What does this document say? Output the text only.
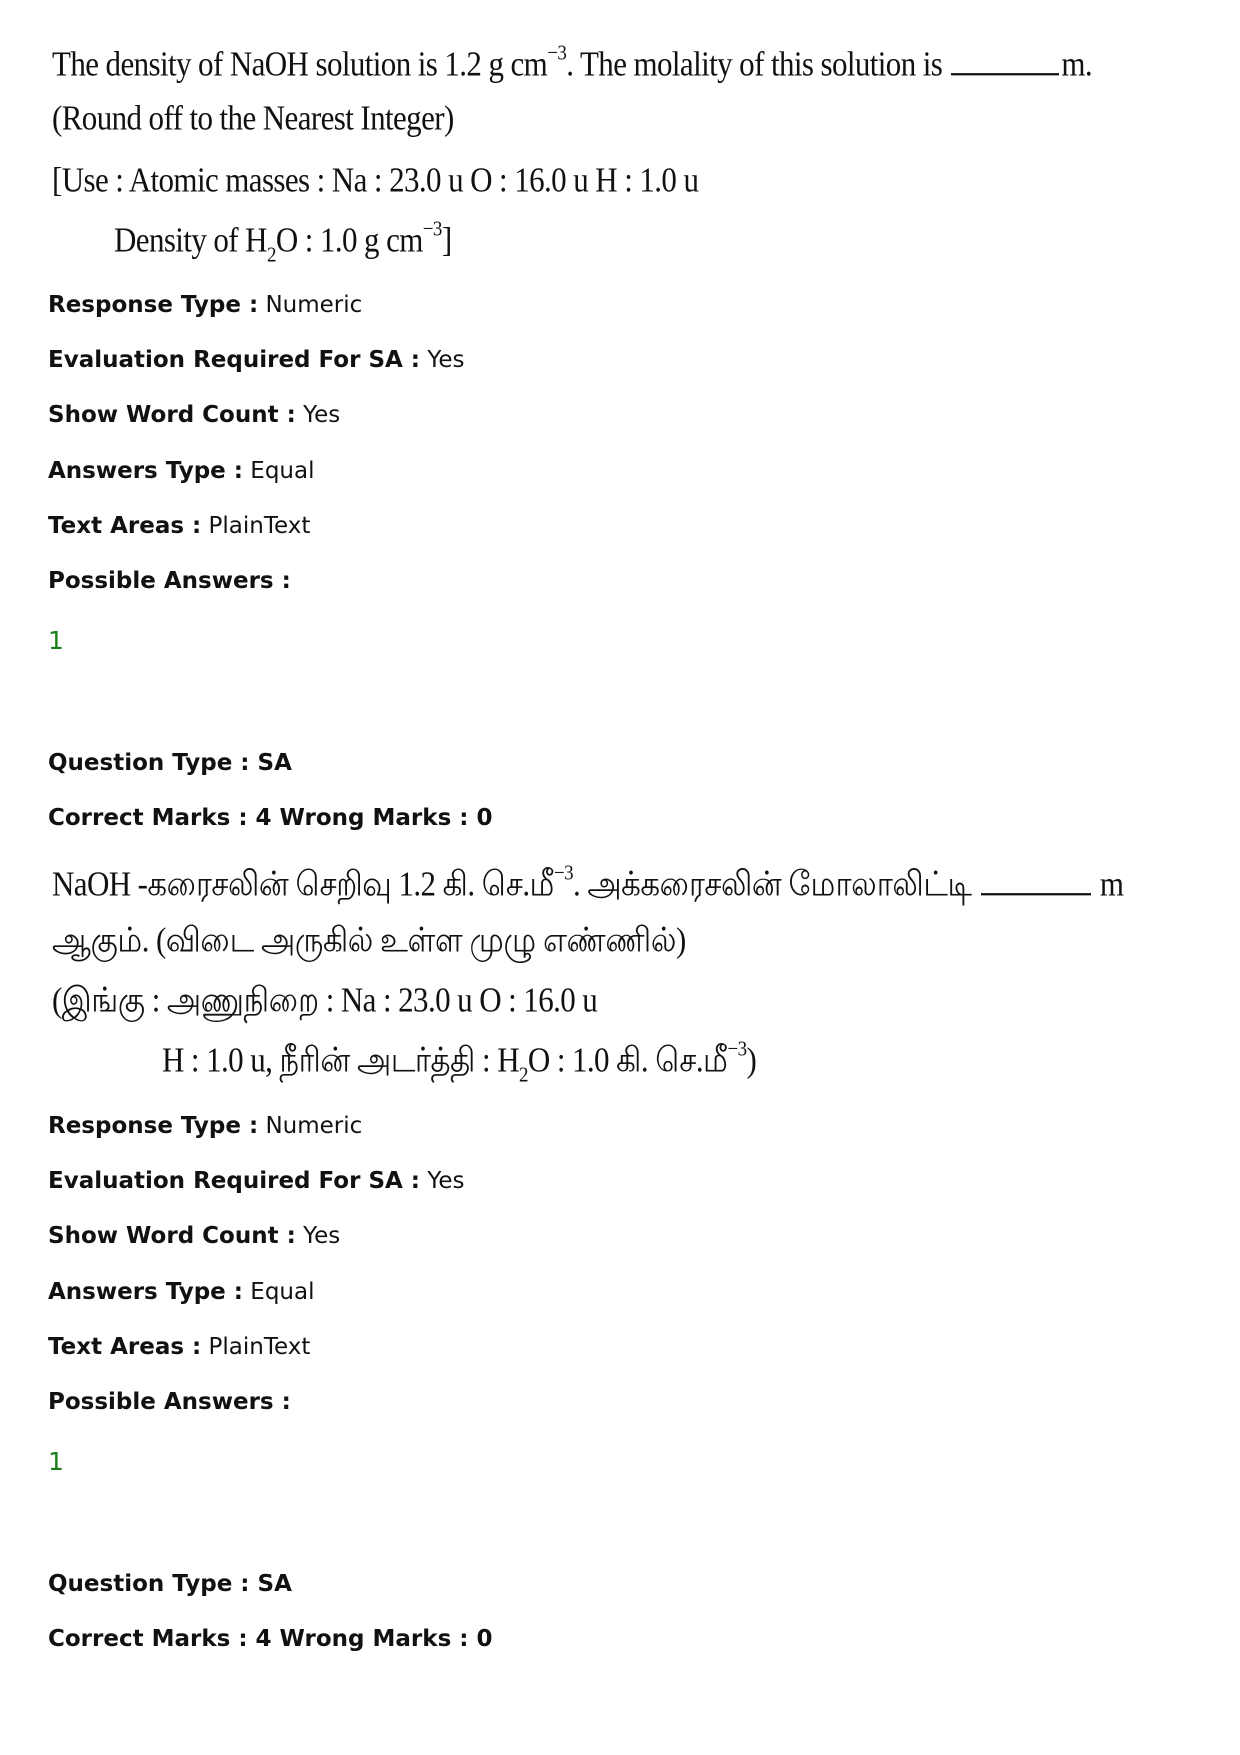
The density of NaOH solution is 1.2 g $cm^{-3}$. The molality of this solution is	m.
(Round off to the Nearest Integer)
[Use : Atomic masses : Na : 23.0 u O : 16.0 u H : 1.0 u
Density of $H_2O$ : 1.0 g $cm^{-3}$]
Response Type : Numeric
Evaluation Required For SA : Yes
Show Word Count : Yes
Answers Type : Equal
Text Areas : PlainText
Possible Answers :
1
Question Type : SA
Correct Marks : 4 Wrong Marks : 0
NaOH -கரைசலின் செறிவு 1.2 கி. செ.மீ$^{-3}$. அக்கரைசலின் மோலாலிட்டி	m
ஆகும். (விடை அருகில் உள்ள முழு எண்ணில்)
(இங்கு : அணுநிறை : Na : 23.0 u O : 16.0 u
H : 1.0 u, நீரின் அடர்த்தி : $H_2O$ : 1.0 கி. செ.மீ$^{-3}$)
Response Type : Numeric
Evaluation Required For SA : Yes
Show Word Count : Yes
Answers Type : Equal
Text Areas : PlainText
Possible Answers :
1
Question Type : SA
Correct Marks : 4 Wrong Marks : 0
